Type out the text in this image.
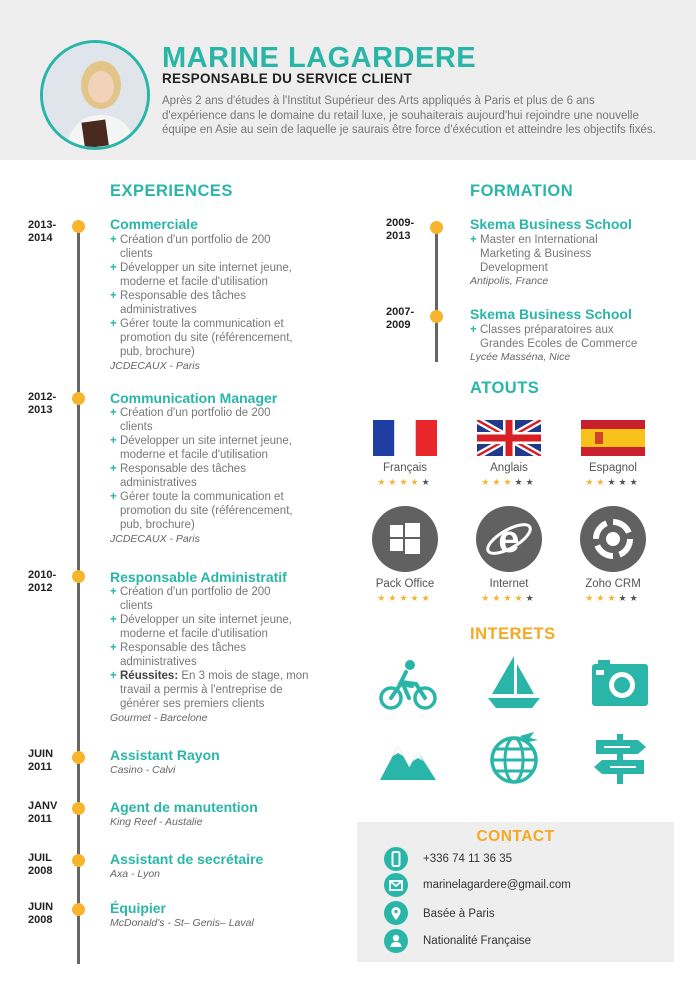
MARINE LAGARDERE
RESPONSABLE DU SERVICE CLIENT
Après 2 ans d'études à l'Institut Supérieur des Arts appliqués à Paris et plus de 6 ans d'expérience dans le domaine du retail luxe, je souhaiterais aujourd'hui rejoindre une nouvelle équipe en Asie au sein de laquelle je saurais être force d'éxécution et atteindre les objectifs fixés.
EXPERIENCES
2013-
2014
Commerciale
+ Création d'un portfolio de 200
clients
+ Développer un site internet jeune,
moderne et facile d'utilisation
+ Responsable des tâches
administratives
+ Gérer toute la communication et
promotion du site (référencement,
pub, brochure)
JCDECAUX - Paris
2012-
2013
Communication Manager
+ Création d'un portfolio de 200
clients
+ Développer un site internet jeune,
moderne et facile d'utilisation
+ Responsable des tâches
administratives
+ Gérer toute la communication et
promotion du site (référencement,
pub, brochure)
JCDECAUX - Paris
2010-
2012
Responsable Administratif
+ Création d'un portfolio de 200
clients
+ Développer un site internet jeune,
moderne et facile d'utilisation
+ Responsable des tâches
administratives
+ Réussites: En 3 mois de stage, mon
travail a permis à l'entreprise de
générer ses premiers clients
Gourmet - Barcelone
JUIN
2011
Assistant Rayon
Casino - Calvi
JANV
2011
Agent de manutention
King Reef - Austalie
JUIL
2008
Assistant de secrétaire
Axa - Lyon
JUIN
2008
Équipier
McDonald's - St– Genis– Laval
FORMATION
2009-
2013
Skema Business School
+ Master en International
Marketing & Business
Development
Antipolis, France
2007-
2009
Skema Business School
+ Classes préparatoires aux
Grandes Ecoles de Commerce
Lycée Masséna, Nice
ATOUTS
Français
★★★★★
Anglais
★★★★★
Espagnol
★★★★★
Pack Office
★★★★★
e
Internet
★★★★★
Zoho CRM
★★★★★
INTERETS
CONTACT
+336 74 11 36 35
marinelagardere@gmail.com
Basée à Paris
Nationalité Française
